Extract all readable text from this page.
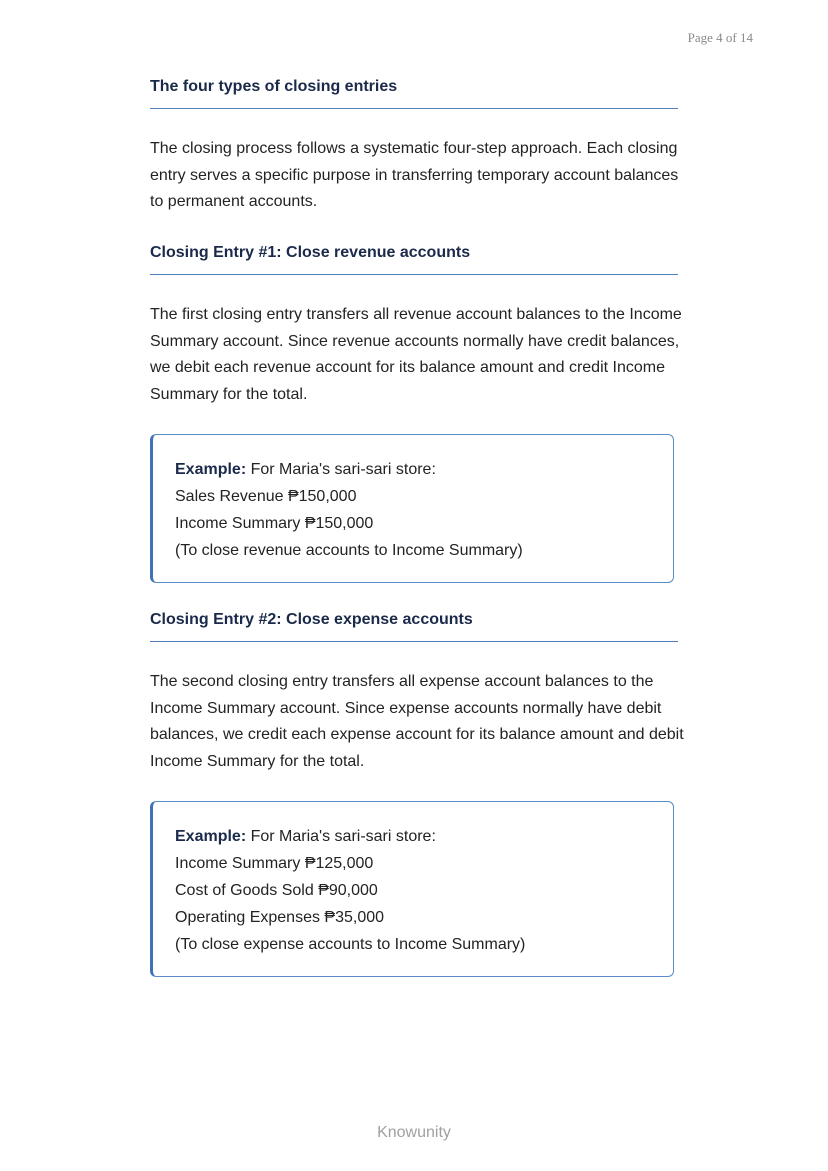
Page 4 of 14
The four types of closing entries
The closing process follows a systematic four-step approach. Each closing entry serves a specific purpose in transferring temporary account balances to permanent accounts.
Closing Entry #1: Close revenue accounts
The first closing entry transfers all revenue account balances to the Income Summary account. Since revenue accounts normally have credit balances, we debit each revenue account for its balance amount and credit Income Summary for the total.
Example: For Maria's sari-sari store:
Sales Revenue ₱150,000
Income Summary ₱150,000
(To close revenue accounts to Income Summary)
Closing Entry #2: Close expense accounts
The second closing entry transfers all expense account balances to the Income Summary account. Since expense accounts normally have debit balances, we credit each expense account for its balance amount and debit Income Summary for the total.
Example: For Maria's sari-sari store:
Income Summary ₱125,000
Cost of Goods Sold ₱90,000
Operating Expenses ₱35,000
(To close expense accounts to Income Summary)
Knowunity
